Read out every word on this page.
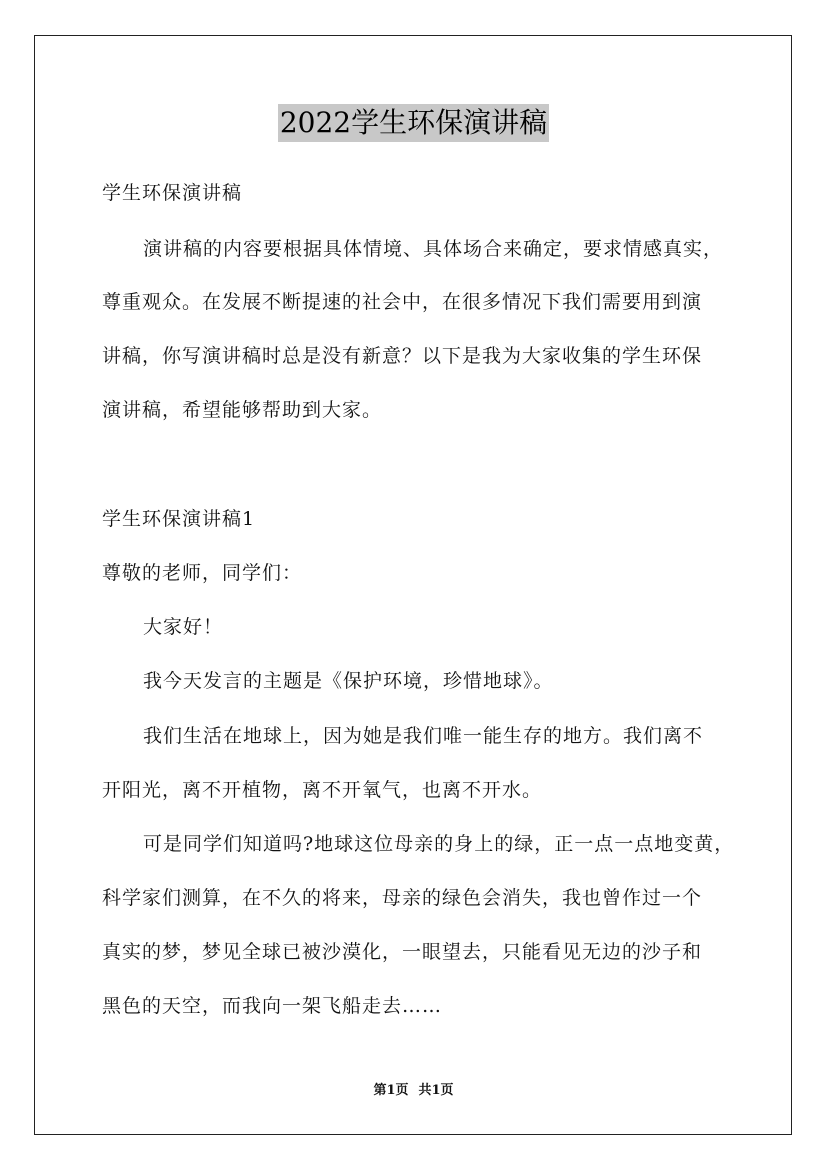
2022学生环保演讲稿
学生环保演讲稿
演讲稿的内容要根据具体情境、具体场合来确定，要求情感真实，
尊重观众。在发展不断提速的社会中，在很多情况下我们需要用到演
讲稿，你写演讲稿时总是没有新意？以下是我为大家收集的学生环保
演讲稿，希望能够帮助到大家。
学生环保演讲稿1
尊敬的老师，同学们：
大家好！
我今天发言的主题是《保护环境，珍惜地球》。
我们生活在地球上，因为她是我们唯一能生存的地方。我们离不
开阳光，离不开植物，离不开氧气，也离不开水。
可是同学们知道吗?地球这位母亲的身上的绿，正一点一点地变黄，
科学家们测算，在不久的将来，母亲的绿色会消失，我也曾作过一个
真实的梦，梦见全球已被沙漠化，一眼望去，只能看见无边的沙子和
黑色的天空，而我向一架飞船走去……
第1页 共1页
